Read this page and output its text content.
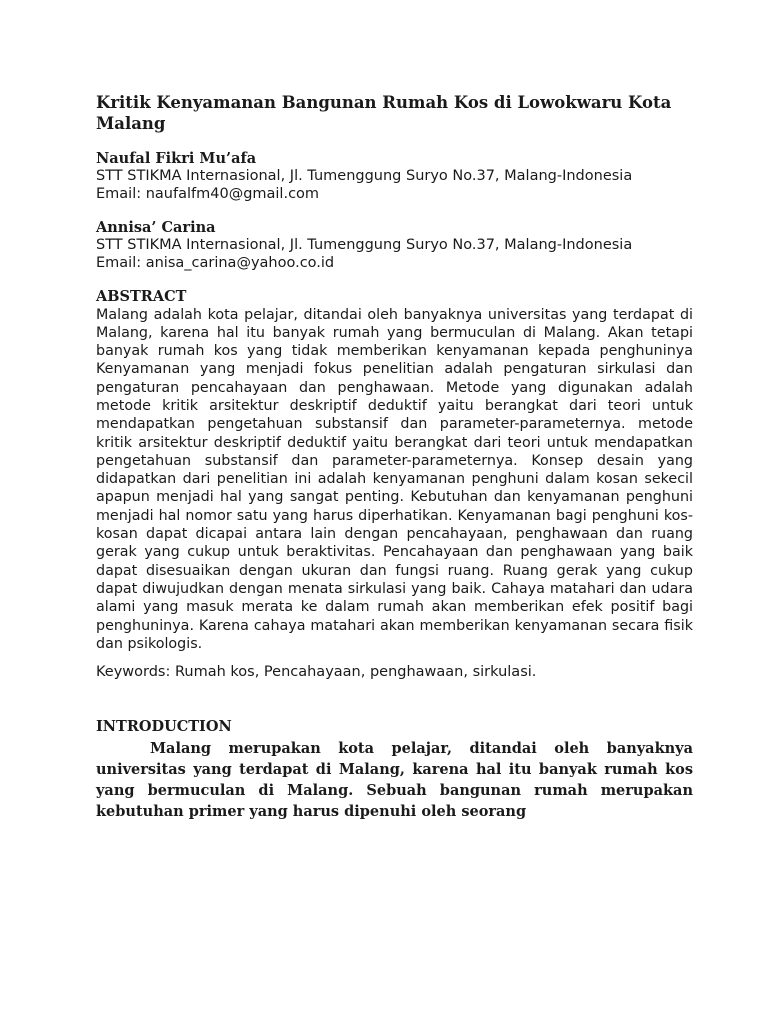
Kritik Kenyamanan Bangunan Rumah Kos di Lowokwaru Kota Malang

Naufal Fikri Mu’afa

STT STIKMA Internasional, Jl. Tumenggung Suryo No.37, Malang-Indonesia

Email: naufalfm40@gmail.com

Annisa’ Carina

STT STIKMA Internasional, Jl. Tumenggung Suryo No.37, Malang-Indonesia

Email: anisa_carina@yahoo.co.id

ABSTRACT

Malang adalah kota pelajar, ditandai oleh banyaknya universitas yang terdapat di Malang, karena hal itu banyak rumah yang bermuculan di Malang. Akan tetapi banyak rumah kos yang tidak memberikan kenyamanan kepada penghuninya Kenyamanan yang menjadi fokus penelitian adalah pengaturan sirkulasi dan pengaturan pencahayaan dan penghawaan. Metode yang digunakan adalah metode kritik arsitektur deskriptif deduktif yaitu berangkat dari teori untuk mendapatkan pengetahuan substansif dan parameter-parameternya. metode kritik arsitektur deskriptif deduktif yaitu berangkat dari teori untuk mendapatkan pengetahuan substansif dan parameter-parameternya. Konsep desain yang didapatkan dari penelitian ini adalah kenyamanan penghuni dalam kosan sekecil apapun menjadi hal yang sangat penting. Kebutuhan dan kenyamanan penghuni menjadi hal nomor satu yang harus diperhatikan. Kenyamanan bagi penghuni kos-kosan dapat dicapai antara lain dengan pencahayaan, penghawaan dan ruang gerak yang cukup untuk beraktivitas. Pencahayaan dan penghawaan yang baik dapat disesuaikan dengan ukuran dan fungsi ruang. Ruang gerak yang cukup dapat diwujudkan dengan menata sirkulasi yang baik. Cahaya matahari dan udara alami yang masuk merata ke dalam rumah akan memberikan efek positif bagi penghuninya. Karena cahaya matahari akan memberikan kenyamanan secara fisik dan psikologis.

Keywords: Rumah kos, Pencahayaan, penghawaan, sirkulasi.

INTRODUCTION

Malang merupakan kota pelajar, ditandai oleh banyaknya universitas yang terdapat di Malang, karena hal itu banyak rumah kos yang bermuculan di Malang. Sebuah bangunan rumah merupakan kebutuhan primer yang harus dipenuhi oleh seorang
